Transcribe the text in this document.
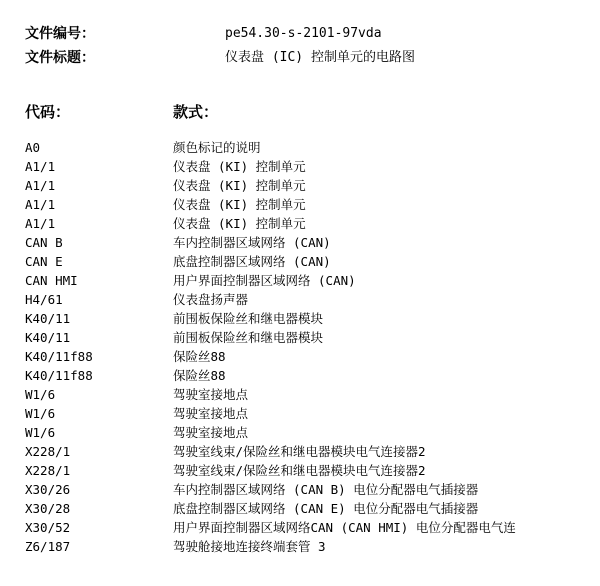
文件编号：	pe54.30-s-2101-97vda
文件标题：	仪表盘 (IC) 控制单元的电路图
代码：	款式：
A0	颜色标记的说明
A1/1	仪表盘 (KI) 控制单元
A1/1	仪表盘 (KI) 控制单元
A1/1	仪表盘 (KI) 控制单元
A1/1	仪表盘 (KI) 控制单元
CAN B	车内控制器区域网络 (CAN)
CAN E	底盘控制器区域网络 (CAN)
CAN HMI	用户界面控制器区域网络 (CAN)
H4/61	仪表盘扬声器
K40/11	前围板保险丝和继电器模块
K40/11	前围板保险丝和继电器模块
K40/11f88	保险丝88
K40/11f88	保险丝88
W1/6	驾驶室接地点
W1/6	驾驶室接地点
W1/6	驾驶室接地点
X228/1	驾驶室线束/保险丝和继电器模块电气连接器2
X228/1	驾驶室线束/保险丝和继电器模块电气连接器2
X30/26	车内控制器区域网络 (CAN B) 电位分配器电气插接器
X30/28	底盘控制器区域网络 (CAN E) 电位分配器电气插接器
X30/52	用户界面控制器区域网络CAN (CAN HMI) 电位分配器电气连
Z6/187	驾驶舱接地连接终端套管 3
